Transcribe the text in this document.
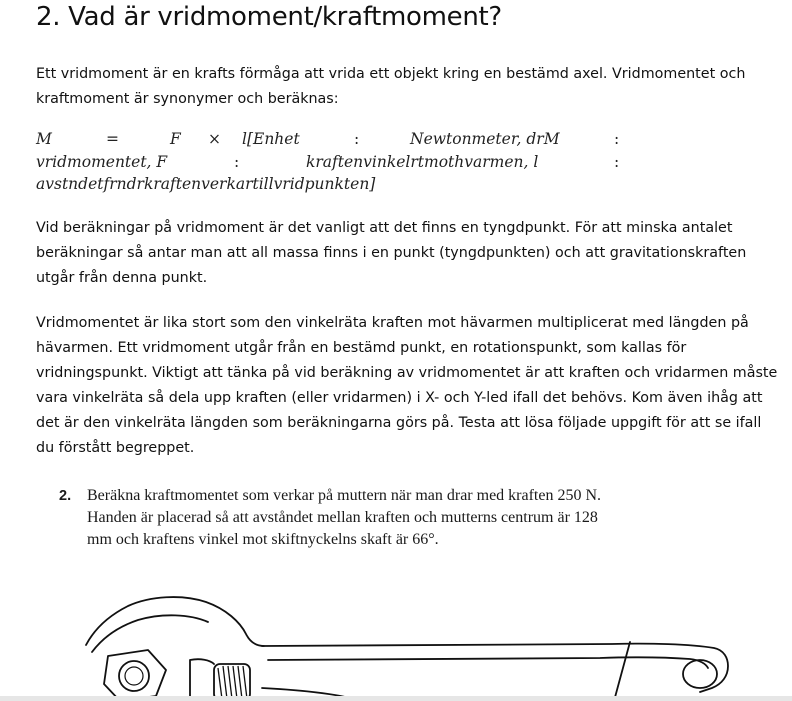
2. Vad är vridmoment/kraftmoment?

Ett vridmoment är en krafts förmåga att vrida ett objekt kring en bestämd axel. Vridmomentet och
kraftmoment är synonymer och beräknas:

M	=	F × l[Enhet	:	Newtonmeter, drM	:
vridmomentet, F	:	kraftenvinkelrtmothvarmen, l	:
avstndetfrndrkraftenverkartillvridpunkten]

Vid beräkningar på vridmoment är det vanligt att det finns en tyngdpunkt. För att minska antalet
beräkningar så antar man att all massa finns i en punkt (tyngdpunkten) och att gravitationskraften
utgår från denna punkt.

Vridmomentet är lika stort som den vinkelräta kraften mot hävarmen multiplicerat med längden på
hävarmen. Ett vridmoment utgår från en bestämd punkt, en rotationspunkt, som kallas för
vridningspunkt. Viktigt att tänka på vid beräkning av vridmomentet är att kraften och vridarmen måste
vara vinkelräta så dela upp kraften (eller vridarmen) i X- och Y-led ifall det behövs. Kom även ihåg att
det är den vinkelräta längden som beräkningarna görs på. Testa att lösa följade uppgift för att se ifall
du förstått begreppet.

2. Beräkna kraftmomentet som verkar på muttern när man drar med kraften 250 N.
Handen är placerad så att avståndet mellan kraften och mutterns centrum är 128
mm och kraftens vinkel mot skiftnyckelns skaft är 66°.
